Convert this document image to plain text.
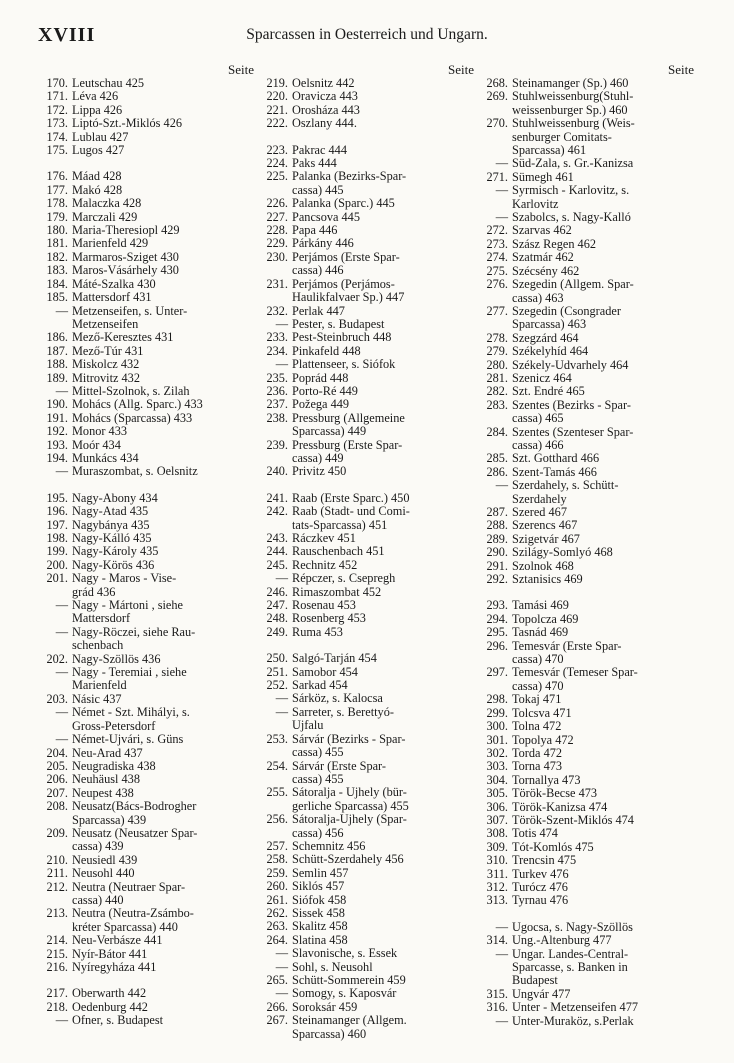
XVIII	Sparcassen in Oesterreich und Ungarn.
Seite
170. Leutschau 425
171. Léva 426
172. Lippa 426
173. Liptó-Szt.-Miklós 426
174. Lublau 427
175. Lugos 427
176. Máad 428
177. Makó 428
178. Malaczka 428
179. Marczali 429
180. Maria-Theresiopl 429
181. Marienfeld 429
182. Marmaros-Sziget 430
183. Maros-Vásárhely 430
184. Máté-Szalka 430
185. Mattersdorf 431
— Metzenseifen, s. Unter-
Metzenseifen
186. Mező-Keresztes 431
187. Mező-Túr 431
188. Miskolcz 432
189. Mitrovitz 432
— Mittel-Szolnok, s. Zilah
190. Mohács (Allg. Sparc.) 433
191. Mohács (Sparcassa) 433
192. Monor 433
193. Moór 434
194. Munkács 434
— Muraszombat, s. Oelsnitz
195. Nagy-Abony 434
196. Nagy-Atad 435
197. Nagybánya 435
198. Nagy-Kálló 435
199. Nagy-Károly 435
200. Nagy-Körös 436
201. Nagy - Maros - Vise-
grád 436
— Nagy - Mártoni , siehe
Mattersdorf
— Nagy-Röczei, siehe Rau-
schenbach
202. Nagy-Szöllös 436
— Nagy - Teremiai , siehe
Marienfeld
203. Násic 437
— Német - Szt. Mihályi, s.
Gross-Petersdorf
— Német-Ujvári, s. Güns
204. Neu-Arad 437
205. Neugradiska 438
206. Neuhäusl 438
207. Neupest 438
208. Neusatz(Bács-Bodrogher
Sparcassa) 439
209. Neusatz (Neusatzer Spar-
cassa) 439
210. Neusiedl 439
211. Neusohl 440
212. Neutra (Neutraer Spar-
cassa) 440
213. Neutra (Neutra-Zsámbo-
kréter Sparcassa) 440
214. Neu-Verbásze 441
215. Nyír-Bátor 441
216. Nyíregyháza 441
217. Oberwarth 442
218. Oedenburg 442
— Ofner, s. Budapest
Seite
219. Oelsnitz 442
220. Oravicza 443
221. Orosháza 443
222. Oszlany 444.
223. Pakrac 444
224. Paks 444
225. Palanka (Bezirks-Spar-
cassa) 445
226. Palanka (Sparc.) 445
227. Pancsova 445
228. Papa 446
229. Párkány 446
230. Perjámos (Erste Spar-
cassa) 446
231. Perjámos (Perjámos-
Haulikfalvaer Sp.) 447
232. Perlak 447
— Pester, s. Budapest
233. Pest-Steinbruch 448
234. Pinkafeld 448
— Plattenseer, s. Siófok
235. Poprád 448
236. Porto-Ré 449
237. Požega 449
238. Pressburg (Allgemeine
Sparcassa) 449
239. Pressburg (Erste Spar-
cassa) 449
240. Privitz 450
241. Raab (Erste Sparc.) 450
242. Raab (Stadt- und Comi-
tats-Sparcassa) 451
243. Ráczkev 451
244. Rauschenbach 451
245. Rechnitz 452
— Répczer, s. Csepregh
246. Rimaszombat 452
247. Rosenau 453
248. Rosenberg 453
249. Ruma 453
250. Salgó-Tarján 454
251. Samobor 454
252. Sarkad 454
— Sárköz, s. Kalocsa
— Sarreter, s. Berettyó-
Ujfalu
253. Sárvár (Bezirks - Spar-
cassa) 455
254. Sárvár (Erste Spar-
cassa) 455
255. Sátoralja - Ujhely (bür-
gerliche Sparcassa) 455
256. Sátoralja-Ujhely (Spar-
cassa) 456
257. Schemnitz 456
258. Schütt-Szerdahely 456
259. Semlin 457
260. Siklós 457
261. Siófok 458
262. Sissek 458
263. Skalitz 458
264. Slatina 458
— Slavonische, s. Essek
— Sohl, s. Neusohl
265. Schütt-Sommerein 459
— Somogy, s. Kaposvár
266. Soroksár 459
267. Steinamanger (Allgem.
Sparcassa) 460
Seite
268. Steinamanger (Sp.) 460
269. Stuhlweissenburg(Stuhl-
weissenburger Sp.) 460
270. Stuhlweissenburg (Weis-
senburger Comitats-
Sparcassa) 461
— Süd-Zala, s. Gr.-Kanizsa
271. Sümegh 461
— Syrmisch - Karlovitz, s.
Karlovitz
— Szabolcs, s. Nagy-Kalló
272. Szarvas 462
273. Szász Regen 462
274. Szatmár 462
275. Szécsény 462
276. Szegedin (Allgem. Spar-
cassa) 463
277. Szegedin (Csongrader
Sparcassa) 463
278. Szegzárd 464
279. Székelyhíd 464
280. Székely-Udvarhely 464
281. Szenicz 464
282. Szt. Endré 465
283. Szentes (Bezirks - Spar-
cassa) 465
284. Szentes (Szenteser Spar-
cassa) 466
285. Szt. Gotthard 466
286. Szent-Tamás 466
— Szerdahely, s. Schütt-
Szerdahely
287. Szered 467
288. Szerencs 467
289. Szigetvár 467
290. Szilágy-Somlyó 468
291. Szolnok 468
292. Sztanisics 469
293. Tamási 469
294. Topolcza 469
295. Tasnád 469
296. Temesvár (Erste Spar-
cassa) 470
297. Temesvár (Temeser Spar-
cassa) 470
298. Tokaj 471
299. Tolcsva 471
300. Tolna 472
301. Topolya 472
302. Torda 472
303. Torna 473
304. Tornallya 473
305. Török-Becse 473
306. Török-Kanizsa 474
307. Török-Szent-Miklós 474
308. Totis 474
309. Tót-Komlós 475
310. Trencsin 475
311. Turkev 476
312. Turócz 476
313. Tyrnau 476
— Ugocsa, s. Nagy-Szöllös
314. Ung.-Altenburg 477
— Ungar. Landes-Central-
Sparcasse, s. Banken in
Budapest
315. Ungvár 477
316. Unter - Metzenseifen 477
— Unter-Muraköz, s.Perlak
